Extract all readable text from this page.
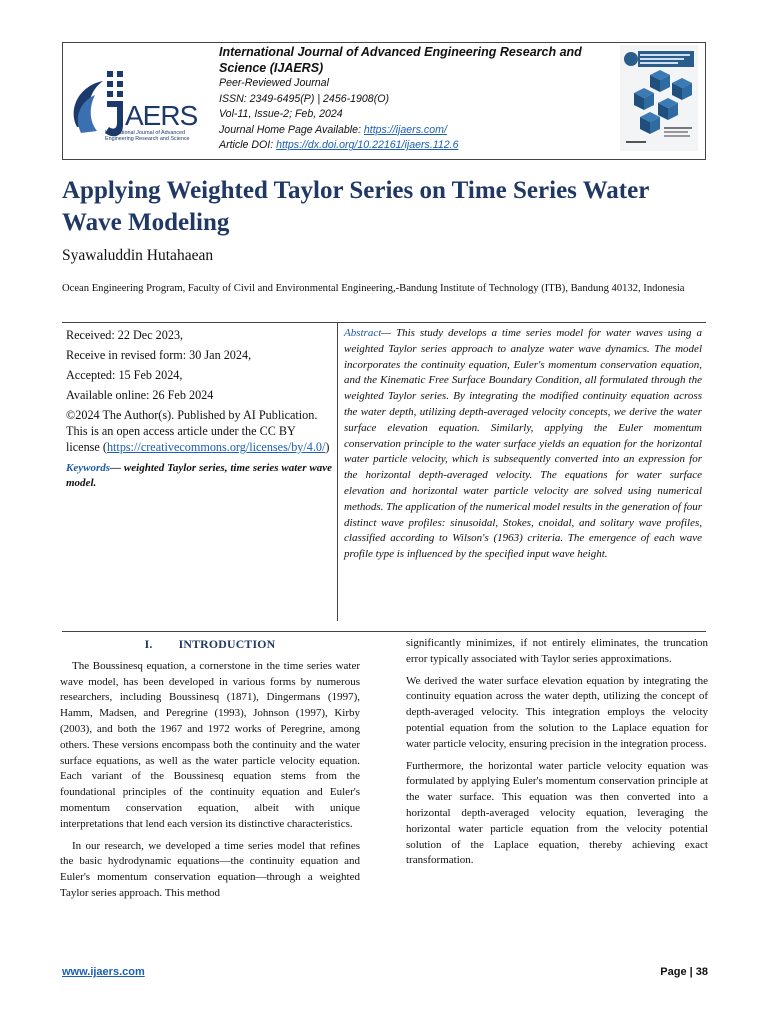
AERS
International Journal of Advanced
Engineering Research and Science
International Journal of Advanced Engineering Research and
Science (IJAERS)
Peer-Reviewed Journal
ISSN: 2349-6495(P) | 2456-1908(O)
Vol-11, Issue-2; Feb, 2024
Journal Home Page Available: https://ijaers.com/
Article DOI: https://dx.doi.org/10.22161/ijaers.112.6
Applying Weighted Taylor Series on Time Series Water Wave Modeling
Syawaluddin Hutahaean
Ocean Engineering Program, Faculty of Civil and Environmental Engineering,-Bandung Institute of Technology (ITB), Bandung 40132, Indonesia

Received: 22 Dec 2023,

Receive in revised form: 30 Jan 2024,

Accepted: 15 Feb 2024,

Available online: 26 Feb 2024

©2024 The Author(s). Published by AI Publication. This is an open access article under the CC BY license (https://creativecommons.org/licenses/by/4.0/)

Keywords— weighted Taylor series, time series water wave model.

Abstract— This study develops a time series model for water waves using a weighted Taylor series approach to analyze water wave dynamics. The model incorporates the continuity equation, Euler's momentum conservation equation, and the Kinematic Free Surface Boundary Condition, all formulated through the weighted Taylor series. By integrating the modified continuity equation across the water depth, utilizing depth-averaged velocity concepts, we derive the water surface elevation equation. Similarly, applying the Euler momentum conservation principle to the water surface yields an equation for the horizontal water particle velocity, which is subsequently converted into an expression for the horizontal depth-averaged velocity. The equations for water surface elevation and horizontal water particle velocity are solved using numerical methods. The application of the numerical model results in the generation of four distinct wave profiles: sinusoidal, Stokes, cnoidal, and solitary wave profiles, classified according to Wilson's (1963) criteria. The emergence of each wave profile type is influenced by the specified input wave height.
I. INTRODUCTION

The Boussinesq equation, a cornerstone in the time series water wave model, has been developed in various forms by numerous researchers, including Boussinesq (1871), Dingermans (1997), Hamm, Madsen, and Peregrine (1993), Johnson (1997), Kirby (2003), and both the 1967 and 1972 works of Peregrine, among others. These versions encompass both the continuity and the water surface equations, as well as the water particle velocity equation. Each variant of the Boussinesq equation stems from the foundational principles of the continuity equation and Euler's momentum conservation equation, albeit with unique interpretations that lend each version its distinctive characteristics.

In our research, we developed a time series model that refines the basic hydrodynamic equations—the continuity equation and Euler's momentum conservation equation—through a weighted Taylor series approach. This method

significantly minimizes, if not entirely eliminates, the truncation error typically associated with Taylor series approximations.

We derived the water surface elevation equation by integrating the continuity equation across the water depth, utilizing the concept of depth-averaged velocity. This integration employs the velocity potential equation from the solution to the Laplace equation for water particle velocity, ensuring precision in the integration process.

Furthermore, the horizontal water particle velocity equation was formulated by applying Euler's momentum conservation principle at the water surface. This equation was then converted into a horizontal depth-averaged velocity equation, leveraging the horizontal water particle equation from the velocity potential solution of the Laplace equation, thereby achieving exact transformation.

www.ijaers.com	Page | 38
